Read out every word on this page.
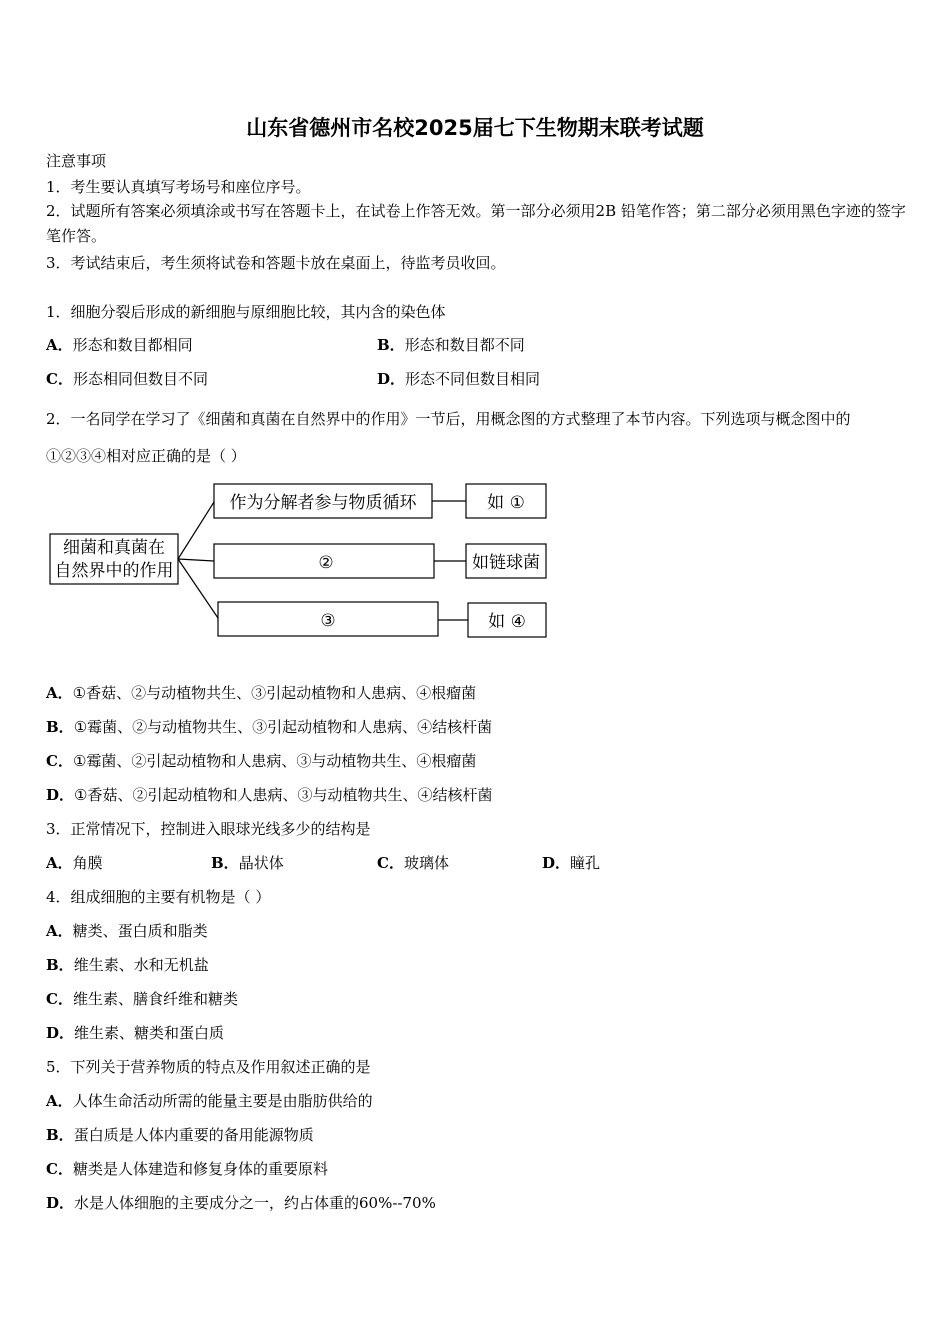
山东省德州市名校2025届七下生物期末联考试题
注意事项
1．考生要认真填写考场号和座位序号。
2．试题所有答案必须填涂或书写在答题卡上，在试卷上作答无效。第一部分必须用2B 铅笔作答；第二部分必须用黑色字迹的签字笔作答。
3．考试结束后，考生须将试卷和答题卡放在桌面上，待监考员收回。
1．细胞分裂后形成的新细胞与原细胞比较，其内含的染色体
A．形态和数目都相同	B．形态和数目都不同
C．形态相同但数目不同	D．形态不同但数目相同
2．一名同学在学习了《细菌和真菌在自然界中的作用》一节后，用概念图的方式整理了本节内容。下列选项与概念图中的①②③④相对应正确的是（ ）
细菌和真菌在
自然界中的作用
作为分解者参与物质循环	如 ①
②	如链球菌
③	如 ④
A．①香菇、②与动植物共生、③引起动植物和人患病、④根瘤菌
B．①霉菌、②与动植物共生、③引起动植物和人患病、④结核杆菌
C．①霉菌、②引起动植物和人患病、③与动植物共生、④根瘤菌
D．①香菇、②引起动植物和人患病、③与动植物共生、④结核杆菌
3．正常情况下，控制进入眼球光线多少的结构是
A．角膜	B．晶状体	C．玻璃体	D．瞳孔
4．组成细胞的主要有机物是（ ）
A．糖类、蛋白质和脂类
B．维生素、水和无机盐
C．维生素、膳食纤维和糖类
D．维生素、糖类和蛋白质
5．下列关于营养物质的特点及作用叙述正确的是
A．人体生命活动所需的能量主要是由脂肪供给的
B．蛋白质是人体内重要的备用能源物质
C．糖类是人体建造和修复身体的重要原料
D．水是人体细胞的主要成分之一，约占体重的60%--70%
